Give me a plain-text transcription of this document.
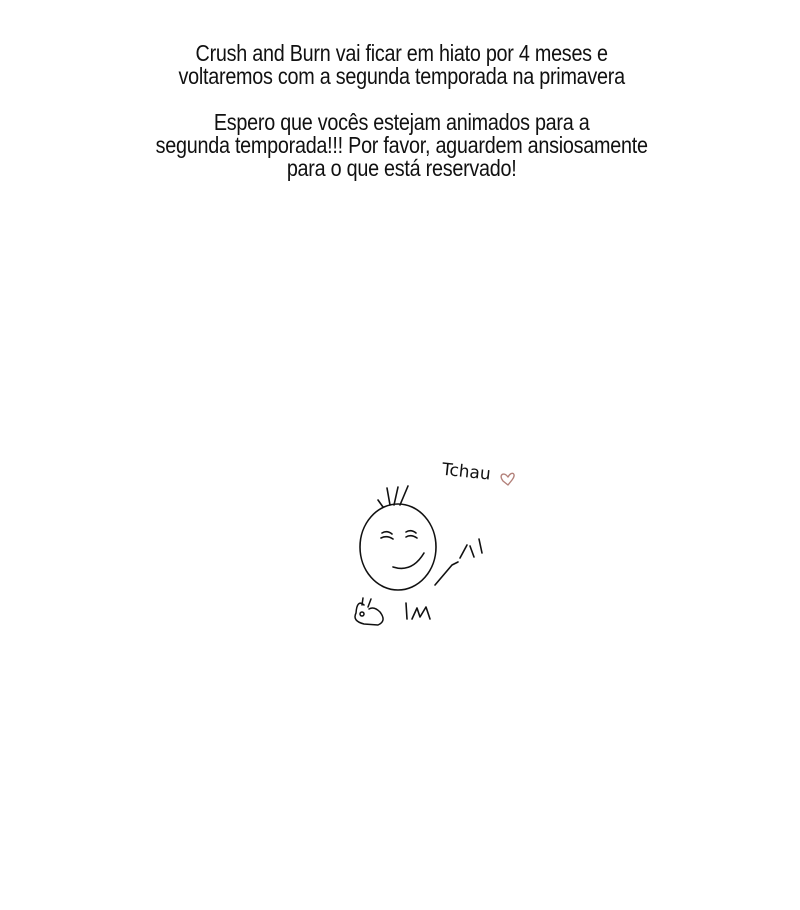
Crush and Burn vai ficar em hiato por 4 meses e
voltaremos com a segunda temporada na primavera

Espero que vocês estejam animados para a
segunda temporada!!! Por favor, aguardem ansiosamente
para o que está reservado!

Tchau
